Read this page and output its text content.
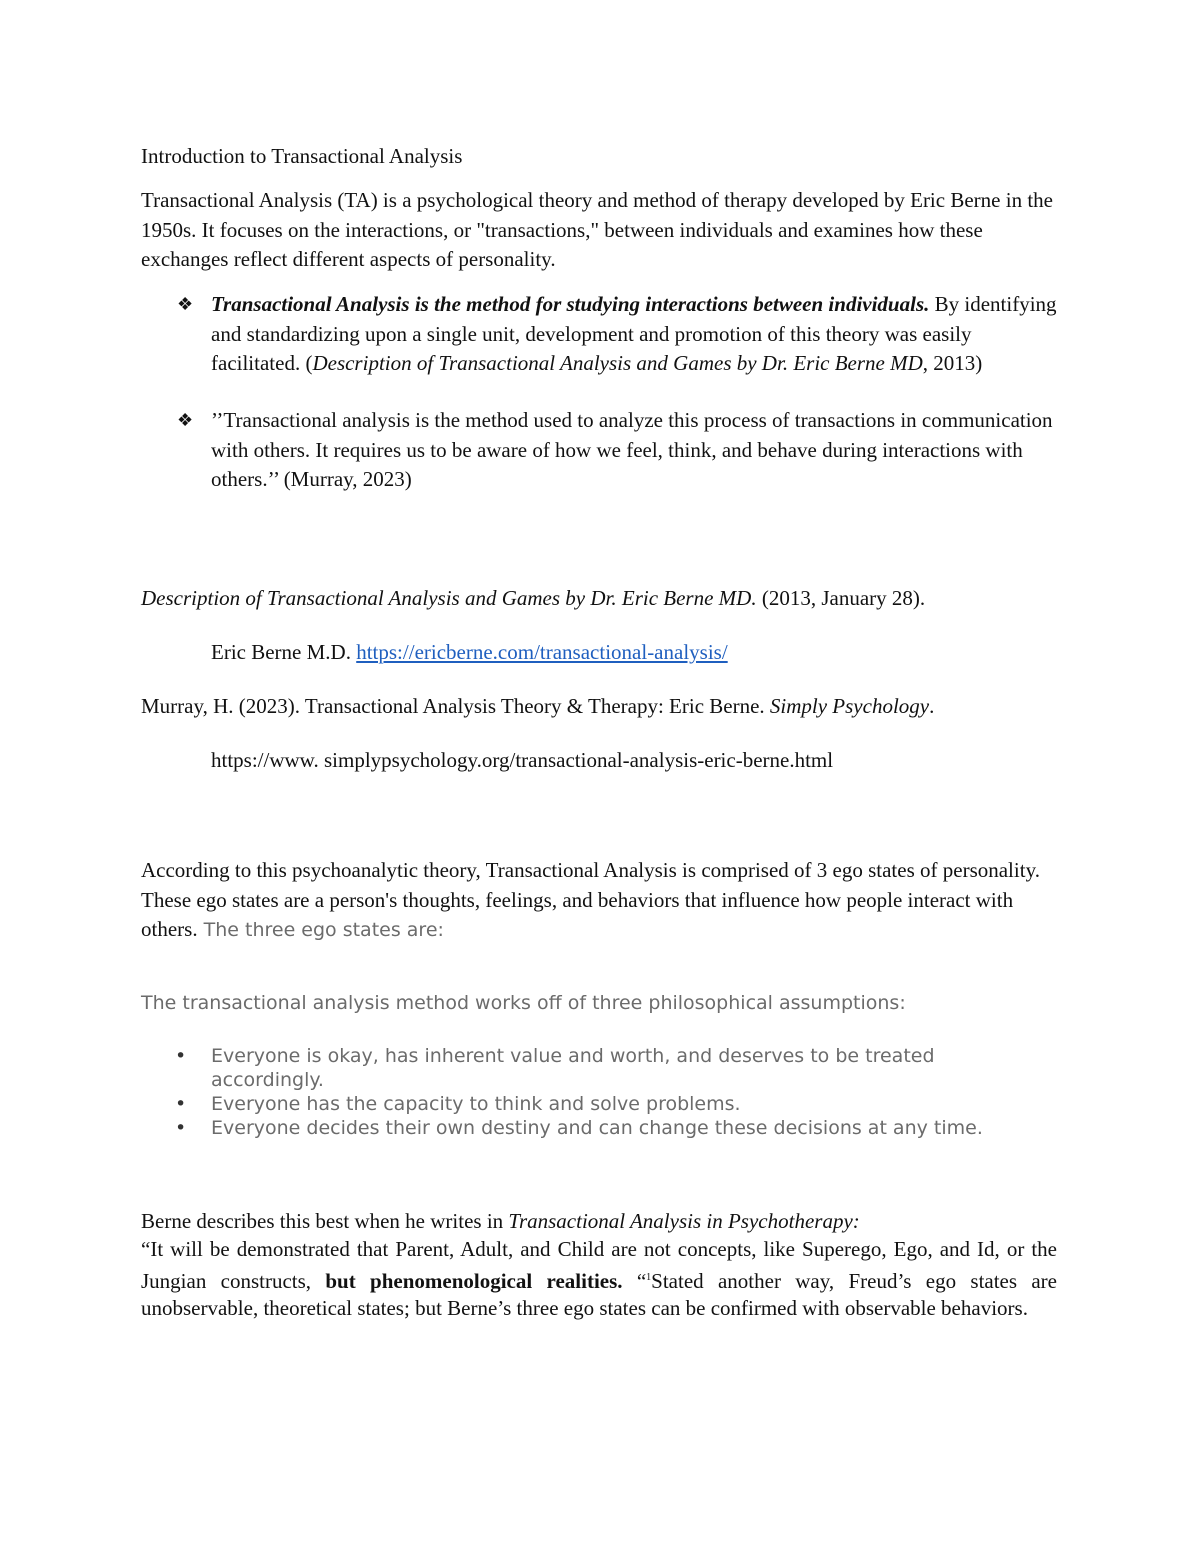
Introduction to Transactional Analysis

Transactional Analysis (TA) is a psychological theory and method of therapy developed by Eric Berne in the 1950s. It focuses on the interactions, or "transactions," between individuals and examines how these exchanges reflect different aspects of personality.

❖ Transactional Analysis is the method for studying interactions between individuals. By identifying and standardizing upon a single unit, development and promotion of this theory was easily facilitated. (Description of Transactional Analysis and Games by Dr. Eric Berne MD, 2013)

❖ ’’Transactional analysis is the method used to analyze this process of transactions in communication with others. It requires us to be aware of how we feel, think, and behave during interactions with others.’’ (Murray, 2023)

Description of Transactional Analysis and Games by Dr. Eric Berne MD. (2013, January 28).

Eric Berne M.D. https://ericberne.com/transactional-analysis/

Murray, H. (2023). Transactional Analysis Theory & Therapy: Eric Berne. Simply Psychology.

https://www. simplypsychology.org/transactional-analysis-eric-berne.html

According to this psychoanalytic theory, Transactional Analysis is comprised of 3 ego states of personality. These ego states are a person's thoughts, feelings, and behaviors that influence how people interact with others. The three ego states are:

The transactional analysis method works off of three philosophical assumptions:

• Everyone is okay, has inherent value and worth, and deserves to be treated accordingly.

• Everyone has the capacity to think and solve problems.

• Everyone decides their own destiny and can change these decisions at any time.

Berne describes this best when he writes in Transactional Analysis in Psychotherapy:

“It will be demonstrated that Parent, Adult, and Child are not concepts, like Superego, Ego, and Id, or the Jungian constructs, but phenomenological realities. “$^1$Stated another way, Freud’s ego states are unobservable, theoretical states; but Berne’s three ego states can be confirmed with observable behaviors.
